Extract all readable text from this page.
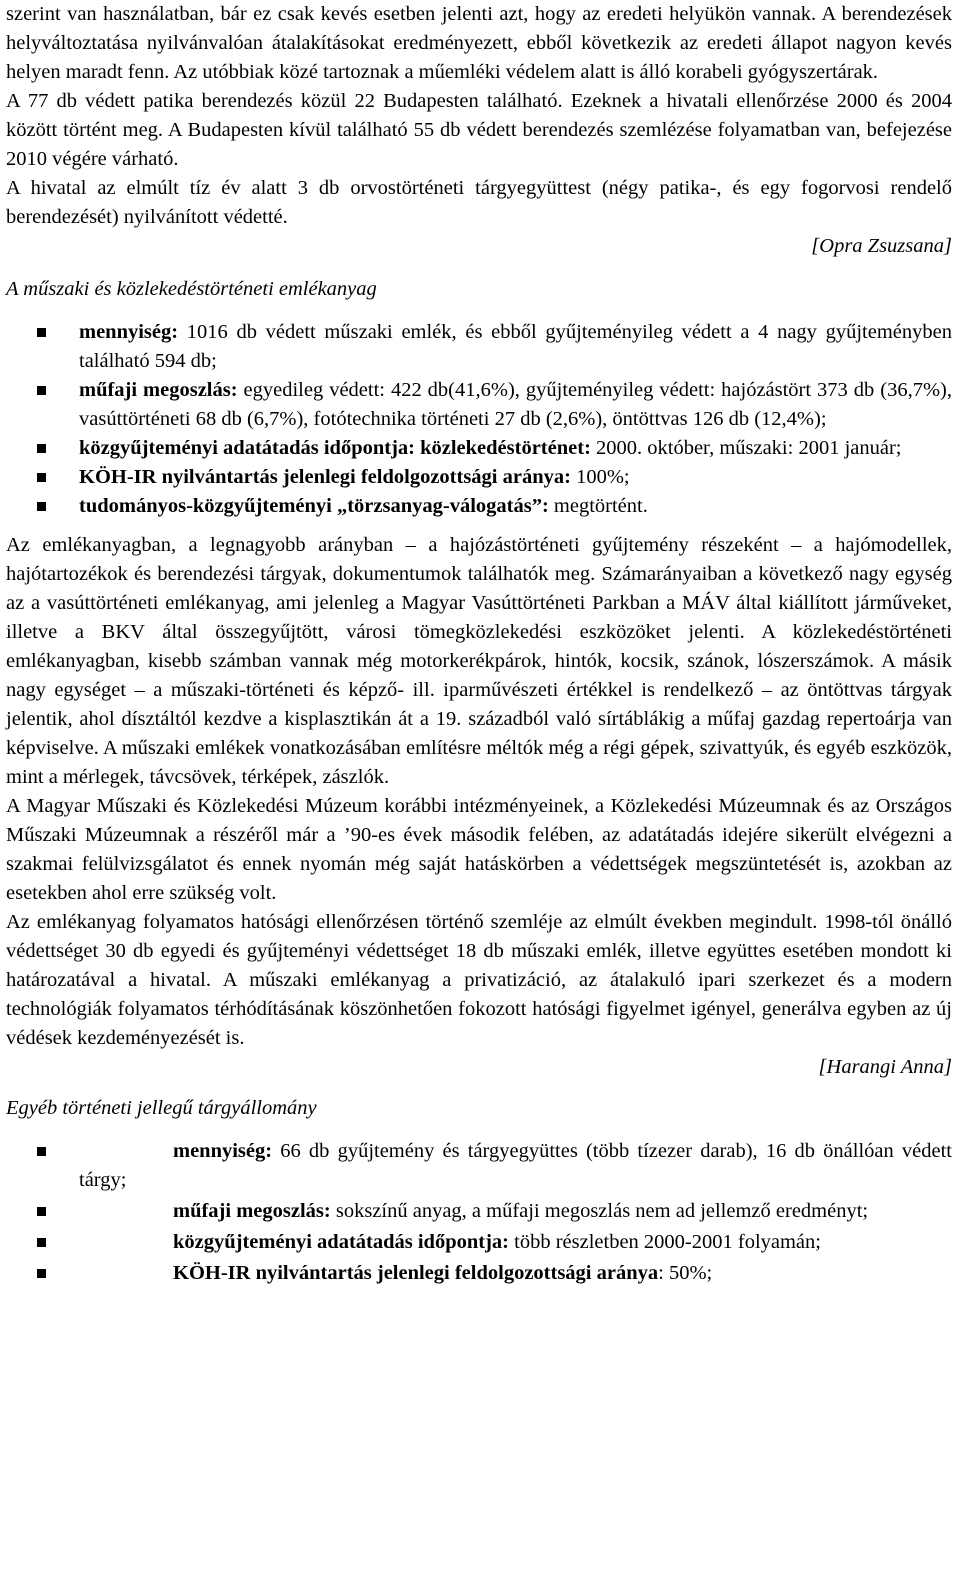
szerint van használatban, bár ez csak kevés esetben jelenti azt, hogy az eredeti helyükön vannak. A berendezések helyváltoztatása nyilvánvalóan átalakításokat eredményezett, ebből következik az eredeti állapot nagyon kevés helyen maradt fenn. Az utóbbiak közé tartoznak a műemléki védelem alatt is álló korabeli gyógyszertárak.

A 77 db védett patika berendezés közül 22 Budapesten található. Ezeknek a hivatali ellenőrzése 2000 és 2004 között történt meg. A Budapesten kívül található 55 db védett berendezés szemlézése folyamatban van, befejezése 2010 végére várható.

A hivatal az elmúlt tíz év alatt 3 db orvostörténeti tárgyegyüttest (négy patika-, és egy fogorvosi rendelő berendezését) nyilvánított védetté.

[Opra Zsuzsana]

A műszaki és közlekedéstörténeti emlékanyag

mennyiség: 1016 db védett műszaki emlék, és ebből gyűjteményileg védett a 4 nagy gyűjteményben található 594 db;
műfaji megoszlás: egyedileg védett: 422 db(41,6%), gyűjteményileg védett: hajózástört 373 db (36,7%), vasúttörténeti 68 db (6,7%), fotótechnika történeti 27 db (2,6%), öntöttvas 126 db (12,4%);
közgyűjteményi adatátadás időpontja: közlekedéstörténet: 2000. október, műszaki: 2001 január;
KÖH-IR nyilvántartás jelenlegi feldolgozottsági aránya: 100%;
tudományos-közgyűjteményi „törzsanyag-válogatás”: megtörtént.

Az emlékanyagban, a legnagyobb arányban – a hajózástörténeti gyűjtemény részeként – a hajómodellek, hajótartozékok és berendezési tárgyak, dokumentumok találhatók meg. Számarányaiban a következő nagy egység az a vasúttörténeti emlékanyag, ami jelenleg a Magyar Vasúttörténeti Parkban a MÁV által kiállított járműveket, illetve a BKV által összegyűjtött, városi tömegközlekedési eszközöket jelenti. A közlekedéstörténeti emlékanyagban, kisebb számban vannak még motorkerékpárok, hintók, kocsik, szánok, lószerszámok. A másik nagy egységet – a műszaki-történeti és képző- ill. iparművészeti értékkel is rendelkező – az öntöttvas tárgyak jelentik, ahol dísztáltól kezdve a kisplasztikán át a 19. századból való sírtáblákig a műfaj gazdag repertoárja van képviselve. A műszaki emlékek vonatkozásában említésre méltók még a régi gépek, szivattyúk, és egyéb eszközök, mint a mérlegek, távcsövek, térképek, zászlók.

A Magyar Műszaki és Közlekedési Múzeum korábbi intézményeinek, a Közlekedési Múzeumnak és az Országos Műszaki Múzeumnak a részéről már a ’90-es évek második felében, az adatátadás idejére sikerült elvégezni a szakmai felülvizsgálatot és ennek nyomán még saját hatáskörben a védettségek megszüntetését is, azokban az esetekben ahol erre szükség volt.

Az emlékanyag folyamatos hatósági ellenőrzésen történő szemléje az elmúlt években megindult. 1998-tól önálló védettséget 30 db egyedi és gyűjteményi védettséget 18 db műszaki emlék, illetve együttes esetében mondott ki határozatával a hivatal. A műszaki emlékanyag a privatizáció, az átalakuló ipari szerkezet és a modern technológiák folyamatos térhódításának köszönhetően fokozott hatósági figyelmet igényel, generálva egyben az új védések kezdeményezését is.

[Harangi Anna]

Egyéb történeti jellegű tárgyállomány

mennyiség: 66 db gyűjtemény és tárgyegyüttes (több tízezer darab), 16 db önállóan védett tárgy;
műfaji megoszlás: sokszínű anyag, a műfaji megoszlás nem ad jellemző eredményt;
közgyűjteményi adatátadás időpontja: több részletben 2000-2001 folyamán;
KÖH-IR nyilvántartás jelenlegi feldolgozottsági aránya: 50%;
